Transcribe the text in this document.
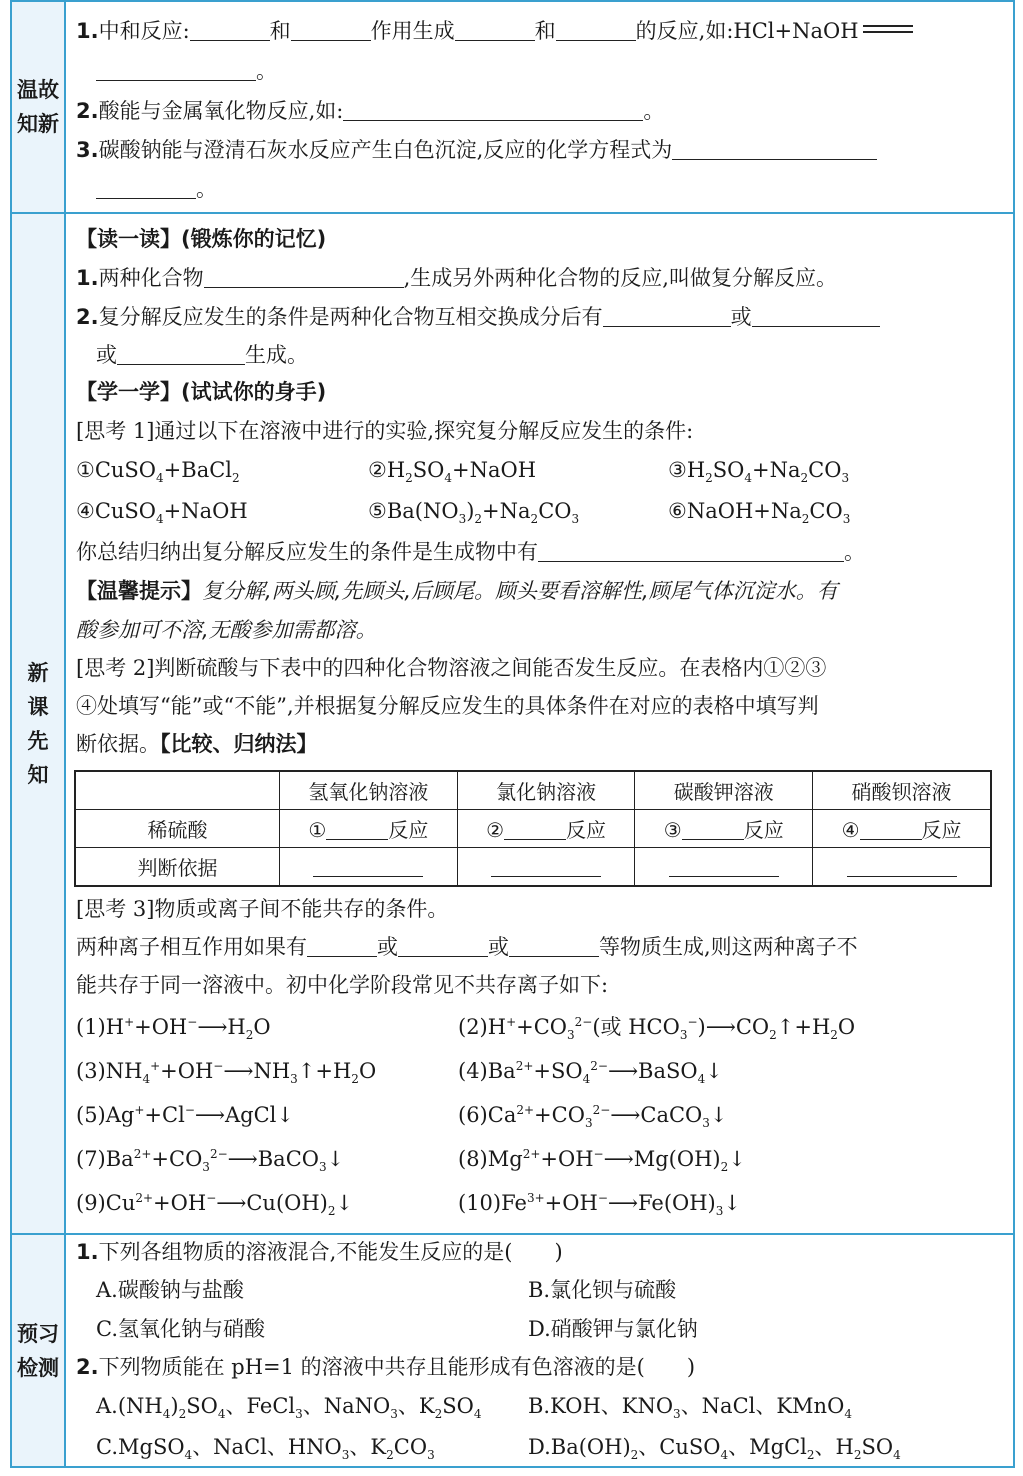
温故
知新
1.中和反应:	和	作用生成	和	的反应,如:HCl+NaOH
。
2.酸能与金属氧化物反应,如:	。
3.碳酸钠能与澄清石灰水反应产生白色沉淀,反应的化学方程式为
。
新
课
先
知
【读一读】(锻炼你的记忆)
1.两种化合物	,生成另外两种化合物的反应,叫做复分解反应。
2.复分解反应发生的条件是两种化合物互相交换成分后有	或
或	生成。
【学一学】(试试你的身手)
[思考 1]通过以下在溶液中进行的实验,探究复分解反应发生的条件:
①CuSO$_4$+BaCl$_2$	$②H_2SO_4+NaOH$	$③H_2SO_4+Na_2CO_3$
④CuSO$_4$+NaOH	$⑤Ba(NO_3)_2+Na_2CO_3$	$⑥NaOH+Na_2CO_3$
你总结归纳出复分解反应发生的条件是生成物中有	。
【温馨提示】复分解,两头顾,先顾头,后顾尾。顾头要看溶解性,顾尾气体沉淀水。有
酸参加可不溶,无酸参加需都溶。
[思考 2]判断硫酸与下表中的四种化合物溶液之间能否发生反应。在表格内①②③
④处填写“能”或“不能”,并根据复分解反应发生的具体条件在对应的表格中填写判
断依据。【比较、归纳法】
	氢氧化钠溶液	氯化钠溶液	碳酸钾溶液	硝酸钡溶液
稀硫酸	① 反应	② 反应	③ 反应	④ 反应
判断依据				
[思考 3]物质或离子间不能共存的条件。
两种离子相互作用如果有	或	或	等物质生成,则这两种离子不
能共存于同一溶液中。初中化学阶段常见不共存离子如下:
$(1)H^++OH^-⟶H_2O$	$(2)H^++CO_3^{2-}$(或 $HCO_3^-)⟶CO_2↑+H_2O$
$(3)NH_4^++OH^-⟶NH_3↑+H_2O$	$(4)Ba^{2+}+SO_4^{2-}⟶BaSO_4↓$
(5)Ag++Cl−⟶AgCl↓	$(6)Ca^{2+}+CO_3^{2-}⟶CaCO_3↓$
$(7)Ba^{2+}+CO_3^{2-}⟶BaCO_3↓$	$(8)Mg^{2+}+OH^-⟶Mg(OH)_2↓$
$(9)Cu^{2+}+OH^-⟶Cu(OH)_2↓$	$(10)Fe^{3+}+OH^-⟶Fe(OH)_3↓$
预习
检测
1.下列各组物质的溶液混合,不能发生反应的是(　　)
A.碳酸钠与盐酸	B.氯化钡与硫酸
C.氢氧化钠与硝酸	D.硝酸钾与氯化钠
2.下列物质能在 pH=1 的溶液中共存且能形成有色溶液的是(　　)
$A.(NH_4)_2SO_4$、FeCl$_3$、NaNO$_3$、$K_2SO_4$ B.KOH、$KNO_3$、NaCl、KMnO$_4$
C.MgSO$_4$、NaCl、$HNO_3$、$K_2CO_3$	$D.Ba(OH)_2$、CuSO$_4$、MgCl$_2$、$H_2SO_4$
